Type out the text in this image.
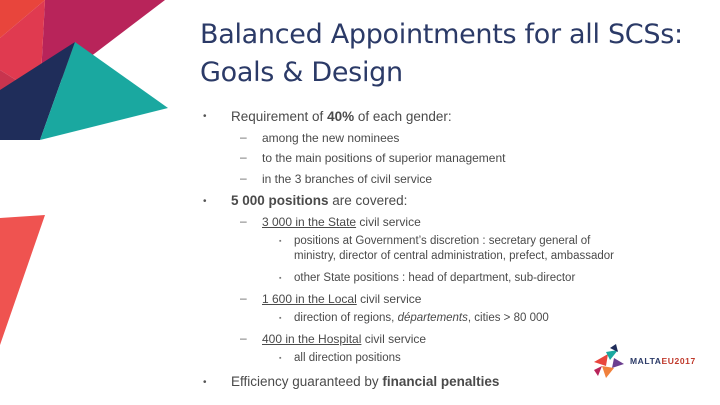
Balanced Appointments for all SCSs:
Goals & Design
• Requirement of 40% of each gender:
– among the new nominees
– to the main positions of superior management
– in the 3 branches of civil service
• 5 000 positions are covered:
– 3 000 in the State civil service
▪ positions at Government’s discretion : secretary general of
ministry, director of central administration, prefect, ambassador
▪ other State positions : head of department, sub-director
– 1 600 in the Local civil service
▪ direction of regions, départements, cities > 80 000
– 400 in the Hospital civil service
▪ all direction positions
• Efficiency guaranteed by financial penalties
MALTAEU2017
